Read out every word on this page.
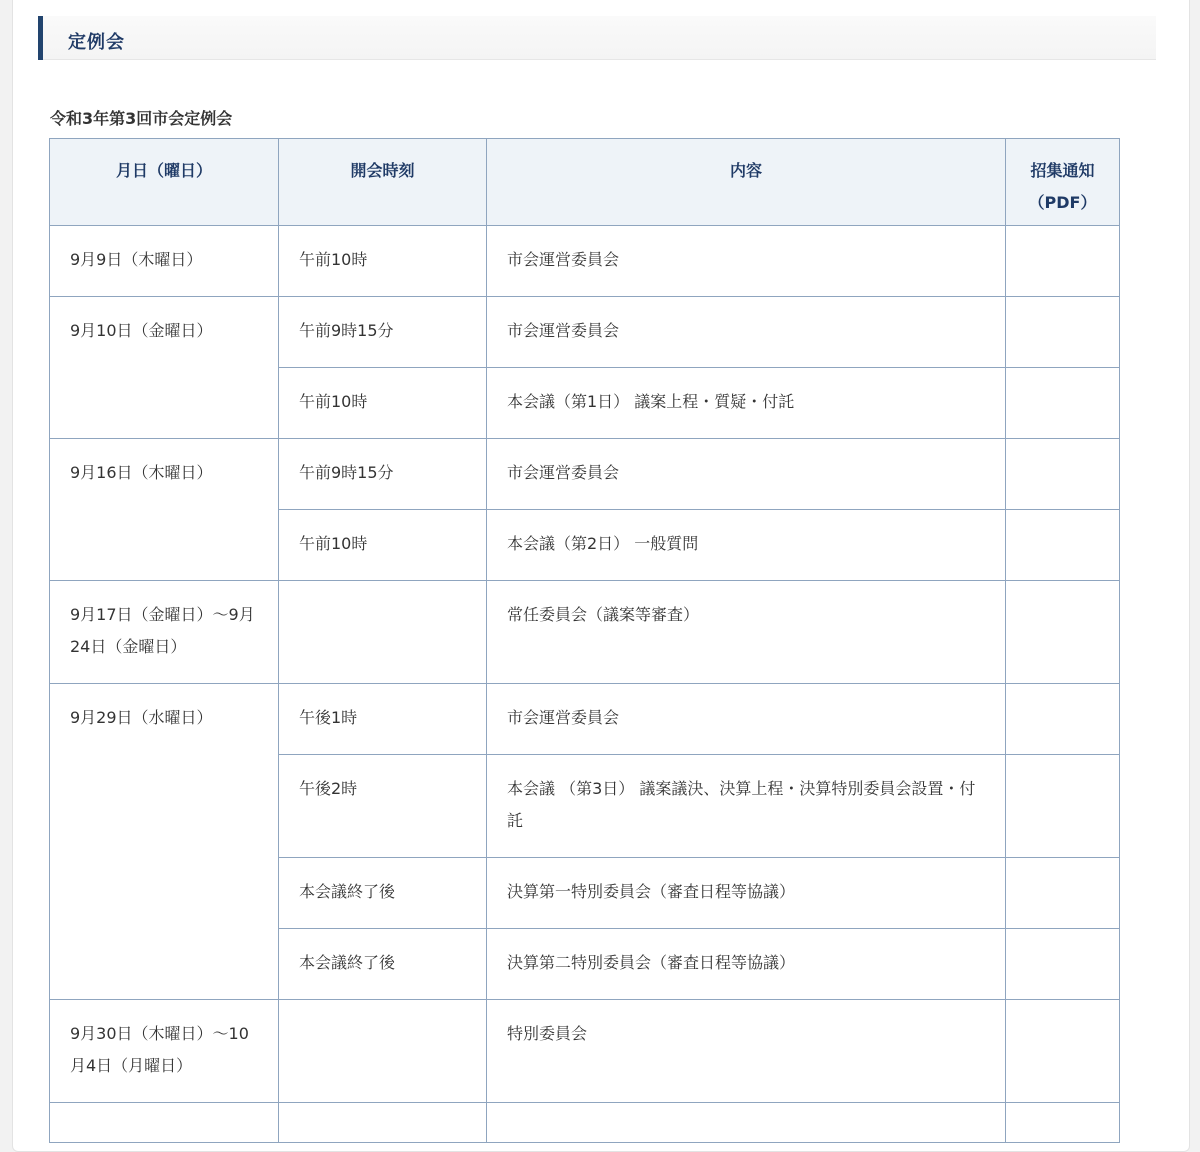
定例会
令和3年第3回市会定例会
月日（曜日）	開会時刻	内容	招集通知
（PDF）

9月9日（木曜日）	午前10時	市会運営委員会	
9月10日（金曜日）	午前9時15分	市会運営委員会	
	午前10時	本会議（第1日） 議案上程・質疑・付託	
9月16日（木曜日）	午前9時15分	市会運営委員会	
	午前10時	本会議（第2日） 一般質問	
9月17日（金曜日）～9月24日（金曜日）		常任委員会（議案等審査）	
9月29日（水曜日）	午後1時	市会運営委員会	
	午後2時	本会議 （第3日） 議案議決、決算上程・決算特別委員会設置・付託	
	本会議終了後	決算第一特別委員会（審査日程等協議）	
	本会議終了後	決算第二特別委員会（審査日程等協議）	
9月30日（木曜日）～10月4日（月曜日）		特別委員会	
